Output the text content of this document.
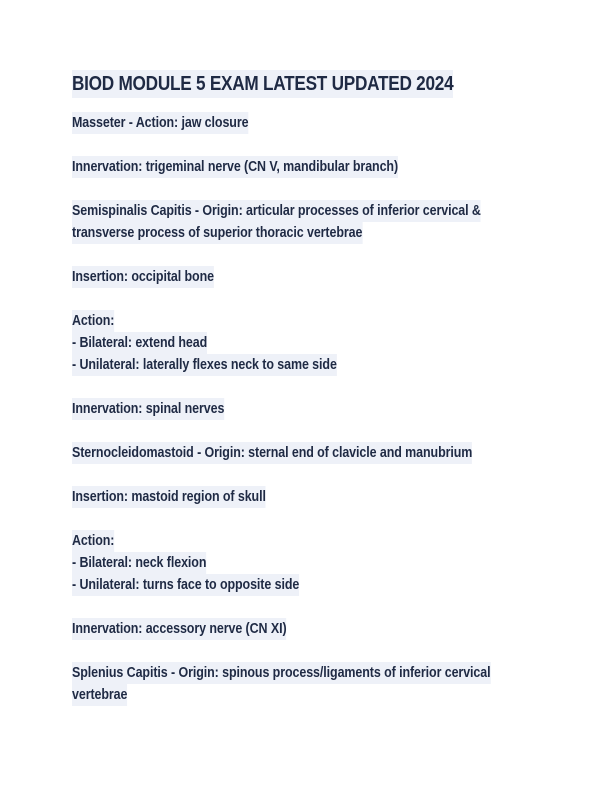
BIOD MODULE 5 EXAM LATEST UPDATED 2024
Masseter - Action: jaw closure
Innervation: trigeminal nerve (CN V, mandibular branch)
Semispinalis Capitis - Origin: articular processes of inferior cervical &
transverse process of superior thoracic vertebrae
Insertion: occipital bone
Action:
- Bilateral: extend head
- Unilateral: laterally flexes neck to same side
Innervation: spinal nerves
Sternocleidomastoid - Origin: sternal end of clavicle and manubrium
Insertion: mastoid region of skull
Action:
- Bilateral: neck flexion
- Unilateral: turns face to opposite side
Innervation: accessory nerve (CN XI)
Splenius Capitis - Origin: spinous process/ligaments of inferior cervical
vertebrae
